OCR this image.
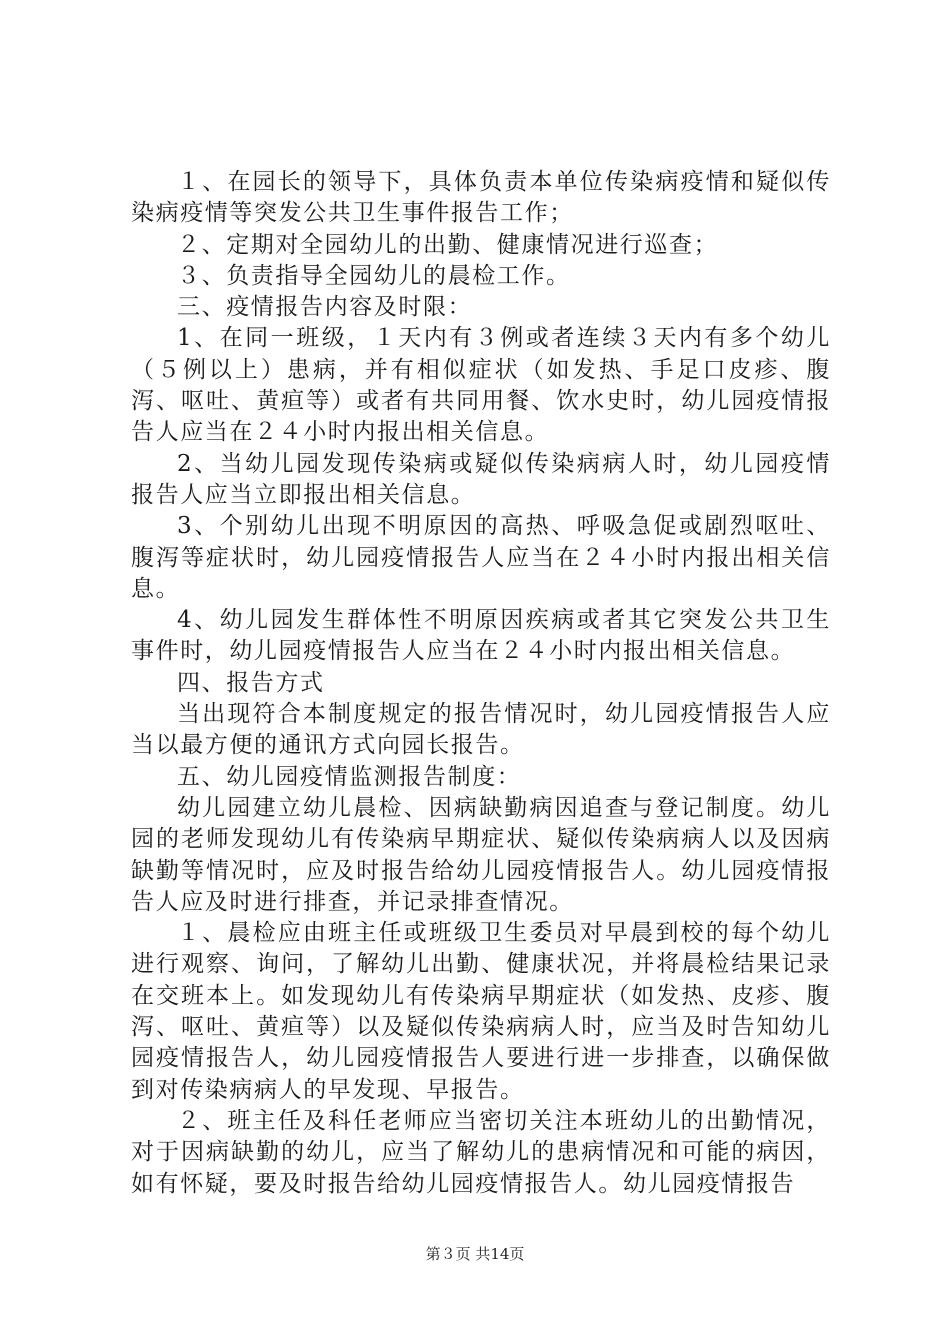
１、在园长的领导下，具体负责本单位传染病疫情和疑似传染病疫情等突发公共卫生事件报告工作；

２、定期对全园幼儿的出勤、健康情况进行巡查；

３、负责指导全园幼儿的晨检工作。

三、疫情报告内容及时限：

1、在同一班级，１天内有３例或者连续３天内有多个幼儿（５例以上）患病，并有相似症状（如发热、手足口皮疹、腹泻、呕吐、黄疸等）或者有共同用餐、饮水史时，幼儿园疫情报告人应当在２４小时内报出相关信息。

2、当幼儿园发现传染病或疑似传染病病人时，幼儿园疫情报告人应当立即报出相关信息。

3、个别幼儿出现不明原因的高热、呼吸急促或剧烈呕吐、腹泻等症状时，幼儿园疫情报告人应当在２４小时内报出相关信息。

4、幼儿园发生群体性不明原因疾病或者其它突发公共卫生事件时，幼儿园疫情报告人应当在２４小时内报出相关信息。

四、报告方式

当出现符合本制度规定的报告情况时，幼儿园疫情报告人应当以最方便的通讯方式向园长报告。

五、幼儿园疫情监测报告制度：

幼儿园建立幼儿晨检、因病缺勤病因追查与登记制度。幼儿园的老师发现幼儿有传染病早期症状、疑似传染病病人以及因病缺勤等情况时，应及时报告给幼儿园疫情报告人。幼儿园疫情报告人应及时进行排查，并记录排查情况。

１、晨检应由班主任或班级卫生委员对早晨到校的每个幼儿进行观察、询问，了解幼儿出勤、健康状况，并将晨检结果记录在交班本上。如发现幼儿有传染病早期症状（如发热、皮疹、腹泻、呕吐、黄疸等）以及疑似传染病病人时，应当及时告知幼儿园疫情报告人，幼儿园疫情报告人要进行进一步排查，以确保做到对传染病病人的早发现、早报告。

２、班主任及科任老师应当密切关注本班幼儿的出勤情况，对于因病缺勤的幼儿，应当了解幼儿的患病情况和可能的病因，如有怀疑，要及时报告给幼儿园疫情报告人。幼儿园疫情报告

第３页 共14页
